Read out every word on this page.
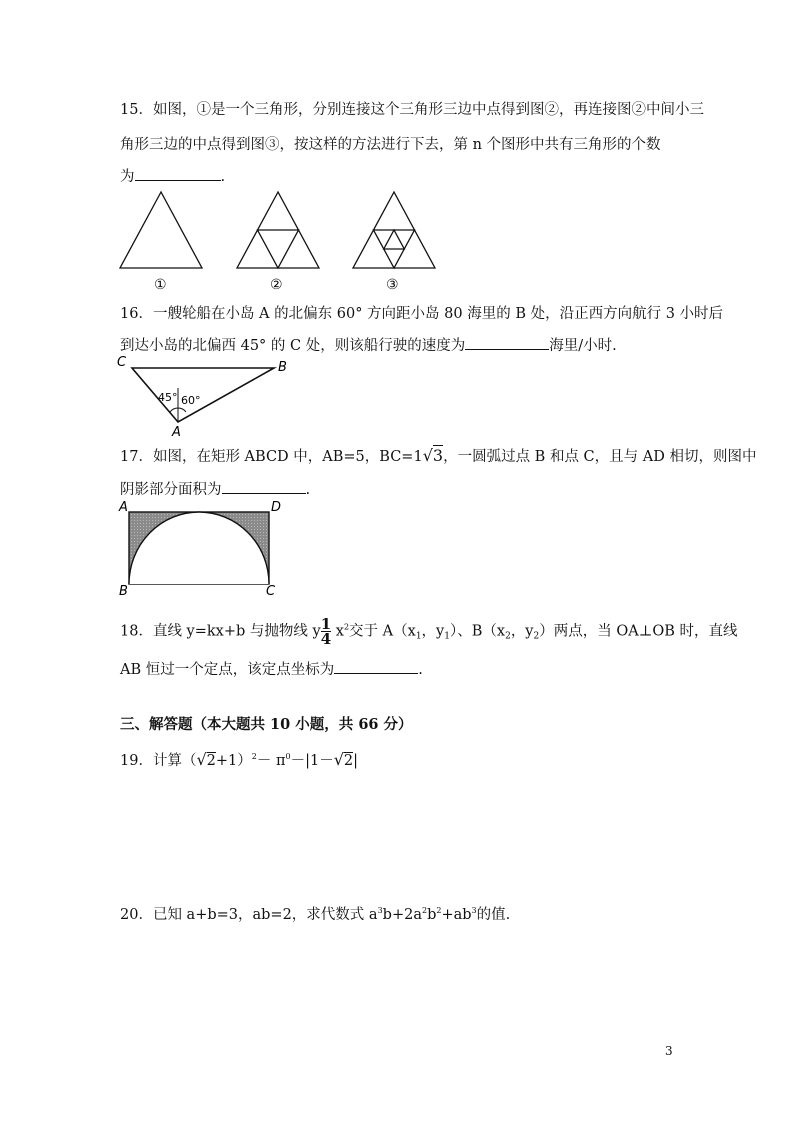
15．如图，①是一个三角形，分别连接这个三角形三边中点得到图②，再连接图②中间小三
角形三边的中点得到图③，按这样的方法进行下去，第 n 个图形中共有三角形的个数
为	.
①	②	③
16．一艘轮船在小岛 A 的北偏东 60° 方向距小岛 80 海里的 B 处，沿正西方向航行 3 小时后
到达小岛的北偏西 45° 的 C 处，则该船行驶的速度为	海里/小时.
C	B
A
45° 60°
17．如图，在矩形 ABCD 中，AB=5，BC=1√3，一圆弧过点 B 和点 C，且与 AD 相切，则图中
阴影部分面积为	.
A	D
B	C
18．直线 y=kx+b 与抛物线 y $\frac{1}{4} x^2$交于 $A(x_1$，$y_1$）、$B(x_2$，$y_2$）两点，当 OA⊥OB 时，直线
AB 恒过一个定点，该定点坐标为	.
三、解答题（本大题共 10 小题，共 66 分）
19．计算$(√2+1)^2- \pi^0-|1-√2|$
20．已知 a+b=3，ab=2，求代数式 $a^3b+2a^2b^2+ab^3$的值.
3
